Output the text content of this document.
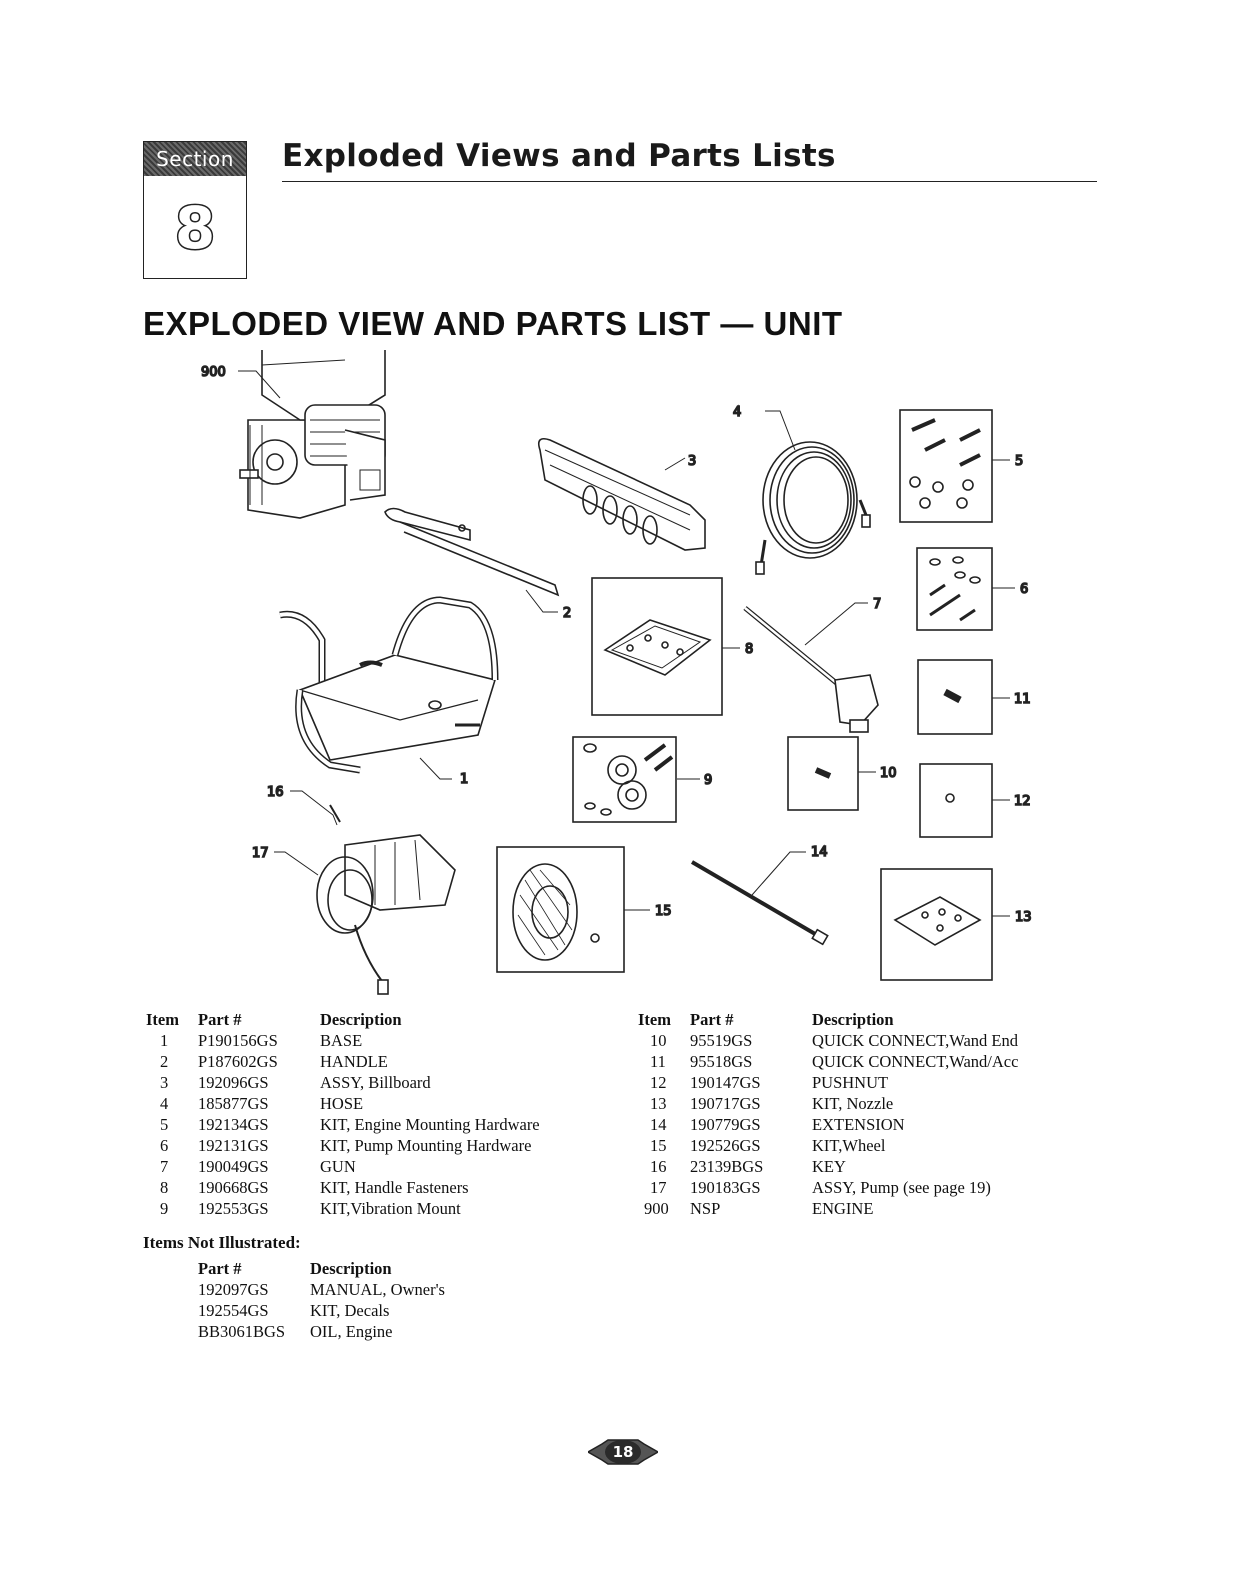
Section
8
Exploded Views and Parts Lists
EXPLODED VIEW AND PARTS LIST — UNIT
900
1
2
3
4
5
6
7
8
9	10
11
12
13
14
15
16
17
Item Part #	Description
1 P190156GS	BASE
2 P187602GS	HANDLE
3 192096GS	ASSY, Billboard
4 185877GS	HOSE
5 192134GS	KIT, Engine Mounting Hardware
6 192131GS	KIT, Pump Mounting Hardware
7 190049GS	GUN
8 190668GS	KIT, Handle Fasteners
9 192553GS	KIT,Vibration Mount
Item Part #	Description
10 95519GS	QUICK CONNECT,Wand End
11 95518GS	QUICK CONNECT,Wand/Acc
12 190147GS	PUSHNUT
13 190717GS	KIT, Nozzle
14 190779GS	EXTENSION
15 192526GS	KIT,Wheel
16 23139BGS	KEY
17 190183GS	ASSY, Pump (see page 19)
900 NSP	ENGINE
Items Not Illustrated:
Part #	Description
192097GS	MANUAL, Owner's
192554GS	KIT, Decals
BB3061BGS OIL, Engine
18
